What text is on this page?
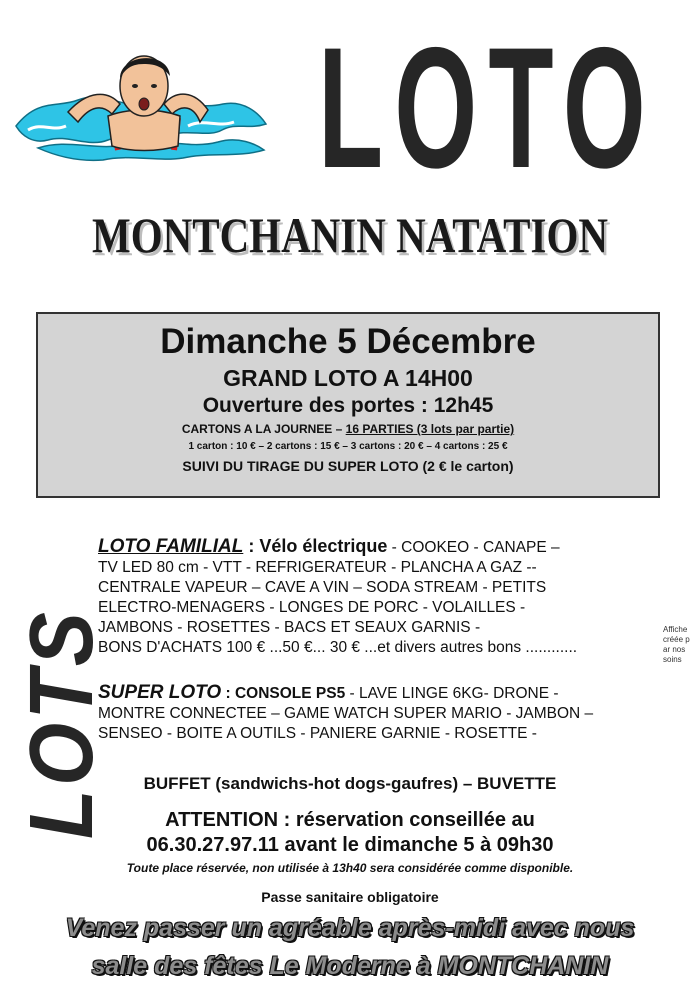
LOTO
MONTCHANIN NATATION
Dimanche 5 Décembre
GRAND LOTO A 14H00
Ouverture des portes : 12h45
CARTONS A LA JOURNEE – 16 PARTIES (3 lots par partie)
1 carton : 10 € – 2 cartons : 15 € – 3 cartons : 20 € – 4 cartons : 25 €
SUIVI DU TIRAGE DU SUPER LOTO (2 € le carton)
LOTS
LOTO FAMILIAL : Vélo électrique - COOKEO - CANAPE –
TV LED 80 cm - VTT - REFRIGERATEUR - PLANCHA A GAZ --
CENTRALE VAPEUR – CAVE A VIN – SODA STREAM - PETITS
ELECTRO-MENAGERS - LONGES DE PORC - VOLAILLES -
JAMBONS - ROSETTES - BACS ET SEAUX GARNIS -
BONS D'ACHATS 100 € ...50 €... 30 € ...et divers autres bons ............
SUPER LOTO : CONSOLE PS5 - LAVE LINGE 6KG- DRONE -
MONTRE CONNECTEE – GAME WATCH SUPER MARIO - JAMBON –
SENSEO - BOITE A OUTILS - PANIERE GARNIE - ROSETTE -
Affiche créée par nos soins
BUFFET (sandwichs-hot dogs-gaufres) – BUVETTE
ATTENTION : réservation conseillée au
06.30.27.97.11 avant le dimanche 5 à 09h30
Toute place réservée, non utilisée à 13h40 sera considérée comme disponible.
Passe sanitaire obligatoire
Venez passer un agréable après-midi avec nous
salle des fêtes Le Moderne à MONTCHANIN
